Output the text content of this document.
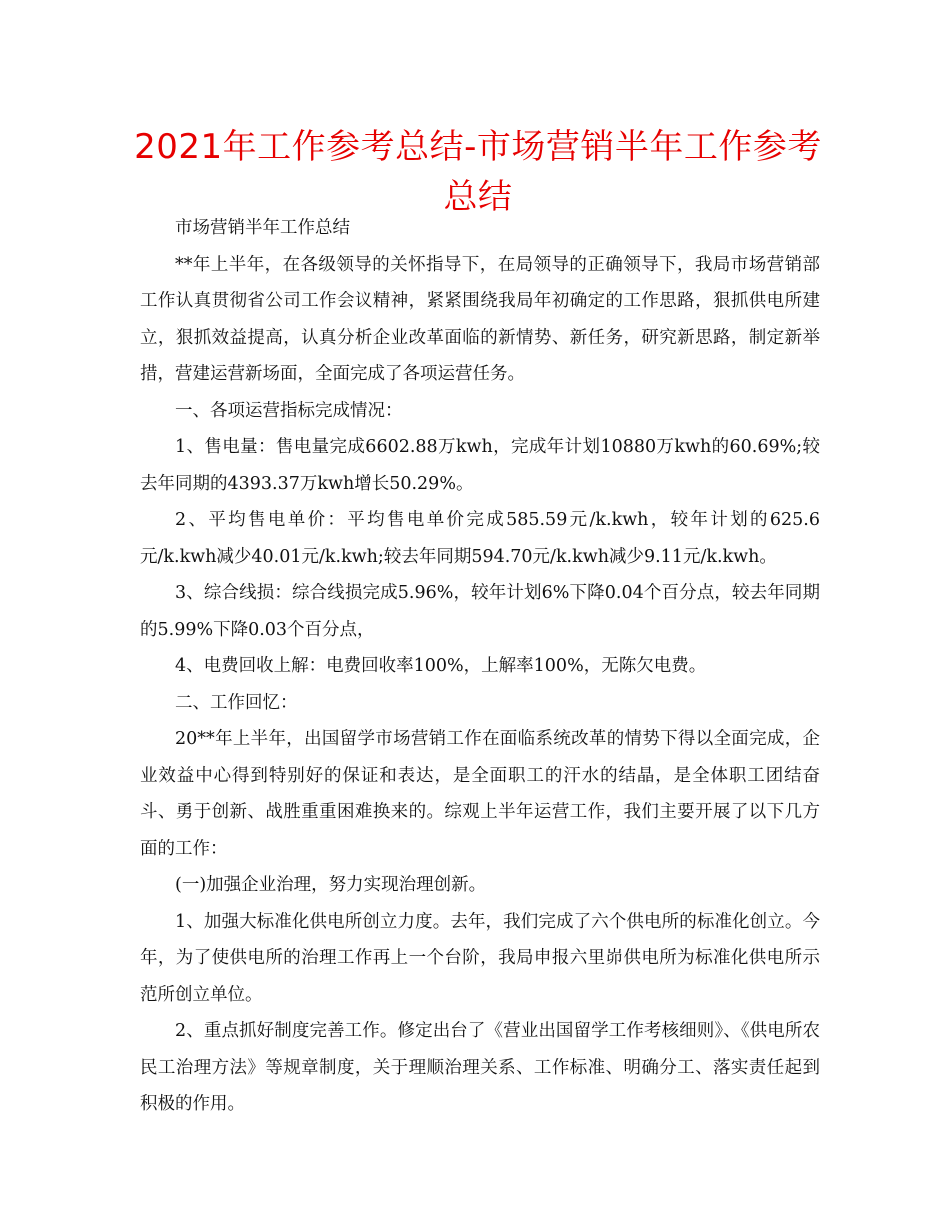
2021年工作参考总结-市场营销半年工作参考总结

市场营销半年工作总结

**年上半年，在各级领导的关怀指导下，在局领导的正确领导下，我局市场营销部工作认真贯彻省公司工作会议精神，紧紧围绕我局年初确定的工作思路，狠抓供电所建立，狠抓效益提高，认真分析企业改革面临的新情势、新任务，研究新思路，制定新举措，营建运营新场面，全面完成了各项运营任务。

一、各项运营指标完成情况：

1、售电量：售电量完成6602.88万kwh，完成年计划10880万kwh的60.69%;较去年同期的4393.37万kwh增长50.29%。

2、平均售电单价：平均售电单价完成585.59元/k.kwh，较年计划的625.6元/k.kwh减少40.01元/k.kwh;较去年同期594.70元/k.kwh减少9.11元/k.kwh。

3、综合线损：综合线损完成5.96%，较年计划6%下降0.04个百分点，较去年同期的5.99%下降0.03个百分点，

4、电费回收上解：电费回收率100%，上解率100%，无陈欠电费。

二、工作回忆：

20**年上半年，出国留学市场营销工作在面临系统改革的情势下得以全面完成，企业效益中心得到特别好的保证和表达，是全面职工的汗水的结晶，是全体职工团结奋斗、勇于创新、战胜重重困难换来的。综观上半年运营工作，我们主要开展了以下几方面的工作：

(一)加强企业治理，努力实现治理创新。

1、加强大标准化供电所创立力度。去年，我们完成了六个供电所的标准化创立。今年，为了使供电所的治理工作再上一个台阶，我局申报六里峁供电所为标准化供电所示范所创立单位。

2、重点抓好制度完善工作。修定出台了《营业出国留学工作考核细则》、《供电所农民工治理方法》等规章制度，关于理顺治理关系、工作标准、明确分工、落实责任起到积极的作用。
